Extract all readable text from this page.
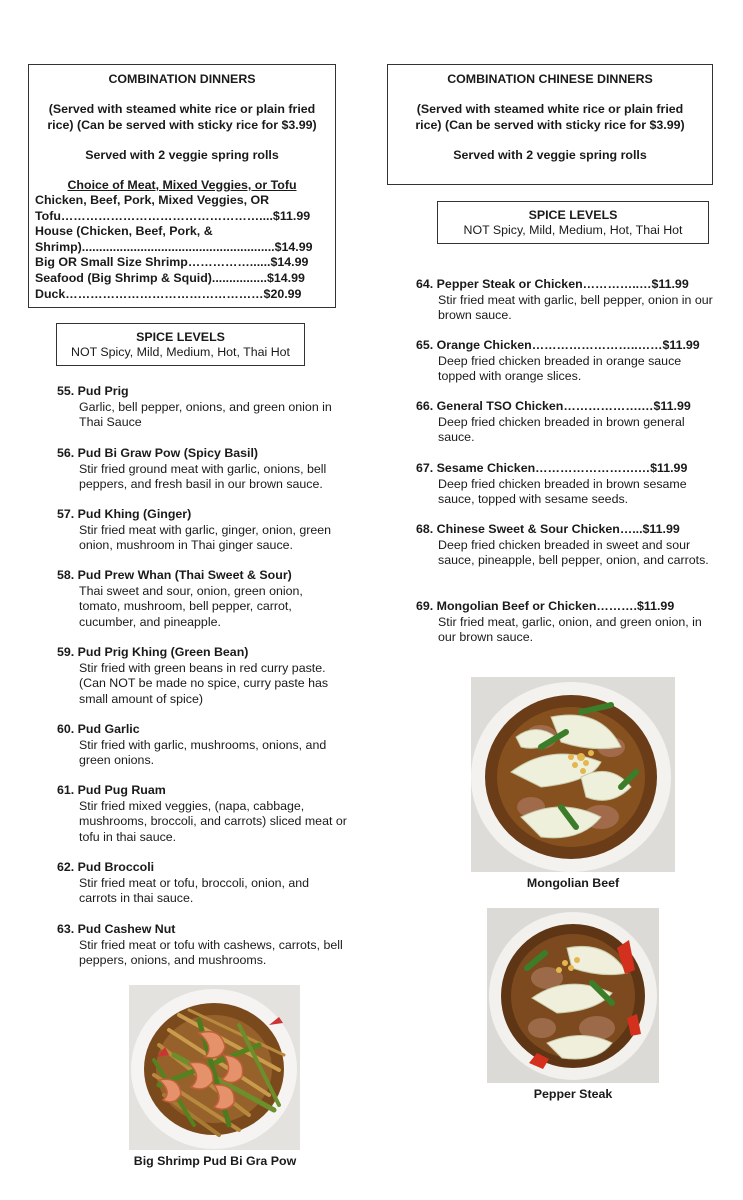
COMBINATION DINNERS
(Served with steamed white rice or plain fried
rice) (Can be served with sticky rice for $3.99)
Served with 2 veggie spring rolls
Choice of Meat, Mixed Veggies, or Tofu
Chicken, Beef, Pork, Mixed Veggies, OR
Tofu…………………………………………....$11.99
House (Chicken, Beef, Pork, &
Shrimp)........................................................$14.99
Big OR Small Size Shrimp……………......$14.99
Seafood (Big Shrimp & Squid)................$14.99
Duck…………………………………………$20.99
COMBINATION CHINESE DINNERS
(Served with steamed white rice or plain fried
rice) (Can be served with sticky rice for $3.99)
Served with 2 veggie spring rolls
SPICE LEVELS
NOT Spicy, Mild, Medium, Hot, Thai Hot
SPICE LEVELS
NOT Spicy, Mild, Medium, Hot, Thai Hot
55. Pud Prig
Garlic, bell pepper, onions, and green onion in Thai Sauce
56. Pud Bi Graw Pow (Spicy Basil)
Stir fried ground meat with garlic, onions, bell peppers, and fresh basil in our brown sauce.
57. Pud Khing (Ginger)
Stir fried meat with garlic, ginger, onion, green onion, mushroom in Thai ginger sauce.
58. Pud Prew Whan (Thai Sweet & Sour)
Thai sweet and sour, onion, green onion, tomato, mushroom, bell pepper, carrot, cucumber, and pineapple.
59. Pud Prig Khing (Green Bean)
Stir fried with green beans in red curry paste. (Can NOT be made no spice, curry paste has small amount of spice)
60. Pud Garlic
Stir fried with garlic, mushrooms, onions, and green onions.
61. Pud Pug Ruam
Stir fried mixed veggies, (napa, cabbage, mushrooms, broccoli, and carrots) sliced meat or tofu in thai sauce.
62. Pud Broccoli
Stir fried meat or tofu, broccoli, onion, and carrots in thai sauce.
63. Pud Cashew Nut
Stir fried meat or tofu with cashews, carrots, bell peppers, onions, and mushrooms.
64. Pepper Steak or Chicken…………..…$11.99
Stir fried meat with garlic, bell pepper, onion in our brown sauce.
65. Orange Chicken……………………..……$11.99
Deep fried chicken breaded in orange sauce topped with orange slices.
66. General TSO Chicken……………….…$11.99
Deep fried chicken breaded in brown general sauce.
67. Sesame Chicken…………………….…$11.99
Deep fried chicken breaded in brown sesame sauce, topped with sesame seeds.
68. Chinese Sweet & Sour Chicken…...$11.99
Deep fried chicken breaded in sweet and sour sauce, pineapple, bell pepper, onion, and carrots.
69. Mongolian Beef or Chicken……….$11.99
Stir fried meat, garlic, onion, and green onion, in our brown sauce.
Big Shrimp Pud Bi Gra Pow
Mongolian Beef
Pepper Steak
